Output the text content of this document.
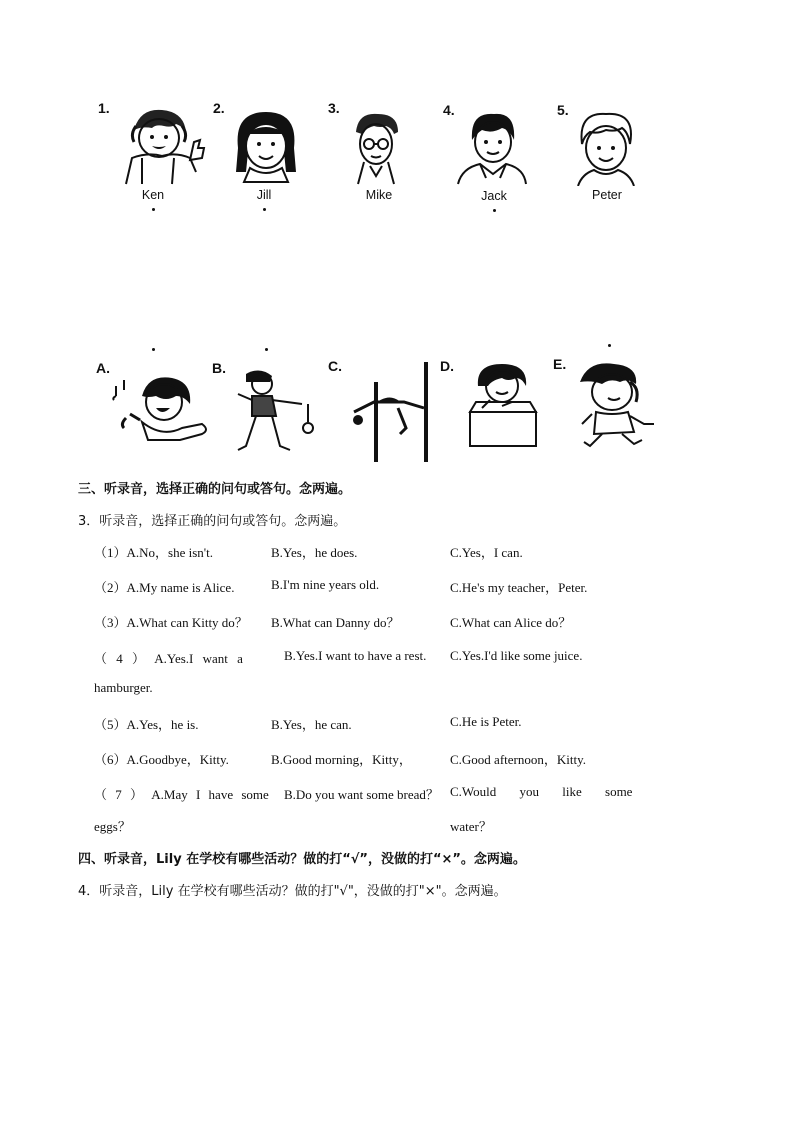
1.
Ken
2.
Jill
3.
Mike
4.
Jack
5.
Peter
A.	B.	C.	D.	E.
三、听录音，选择正确的问句或答句。念两遍。
3．听录音，选择正确的问句或答句。念两遍。
（1）A.No，she isn't.	B.Yes，he does.	C.Yes，I can.
（2）A.My name is Alice.	B.I'm nine years old.	C.He's my teacher，Peter.
（3）A.What can Kitty do？ B.What can Danny do？	C.What can Alice do？
（ 4 ） A.Yes.I want a
hamburger.
B.Yes.I want to have a rest. C.Yes.I'd like some juice.
（5）A.Yes，he is.	B.Yes，he can.	C.He is Peter.
（6）A.Goodbye，Kitty.	B.Good morning，Kitty，	C.Good afternoon，Kitty.
（ 7 ） A.May I have some
eggs？
B.Do you want some bread？ C.Would you like some
water？
四、听录音，Lily 在学校有哪些活动？做的打“√”，没做的打“×”。念两遍。
4．听录音，Lily 在学校有哪些活动？做的打"√"，没做的打"×"。念两遍。
